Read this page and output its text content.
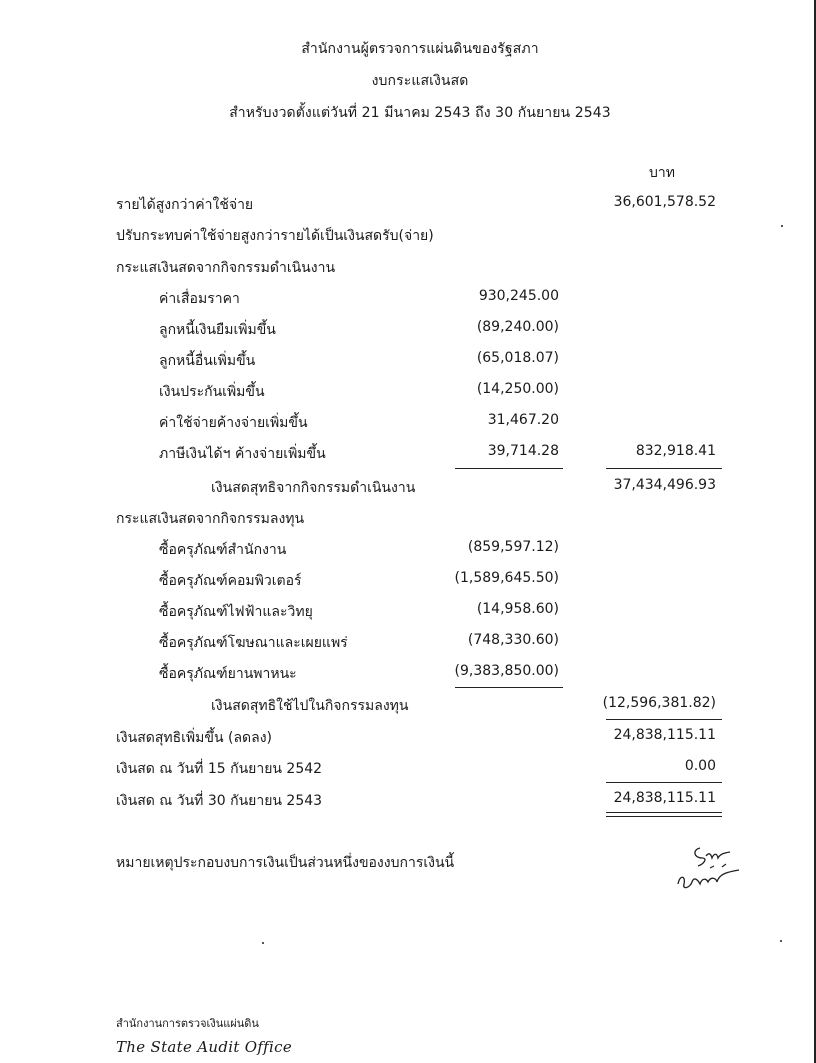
สำนักงานผู้ตรวจการแผ่นดินของรัฐสภา
งบกระแสเงินสด
สำหรับงวดตั้งแต่วันที่ 21 มีนาคม 2543 ถึง 30 กันยายน 2543
บาท
รายได้สูงกว่าค่าใช้จ่าย	36,601,578.52
ปรับกระทบค่าใช้จ่ายสูงกว่ารายได้เป็นเงินสดรับ(จ่าย)
กระแสเงินสดจากกิจกรรมดำเนินงาน
ค่าเสื่อมราคา	930,245.00
ลูกหนี้เงินยืมเพิ่มขึ้น	(89,240.00)
ลูกหนี้อื่นเพิ่มขึ้น	(65,018.07)
เงินประกันเพิ่มขึ้น	(14,250.00)
ค่าใช้จ่ายค้างจ่ายเพิ่มขึ้น	31,467.20
ภาษีเงินได้ฯ ค้างจ่ายเพิ่มขึ้น	39,714.28	832,918.41
เงินสดสุทธิจากกิจกรรมดำเนินงาน	37,434,496.93
กระแสเงินสดจากกิจกรรมลงทุน
ซื้อครุภัณฑ์สำนักงาน	(859,597.12)
ซื้อครุภัณฑ์คอมพิวเตอร์	(1,589,645.50)
ซื้อครุภัณฑ์ไฟฟ้าและวิทยุ	(14,958.60)
ซื้อครุภัณฑ์โฆษณาและเผยแพร่	(748,330.60)
ซื้อครุภัณฑ์ยานพาหนะ	(9,383,850.00)
เงินสดสุทธิใช้ไปในกิจกรรมลงทุน	(12,596,381.82)
เงินสดสุทธิเพิ่มขึ้น (ลดลง)	24,838,115.11
เงินสด ณ วันที่ 15 กันยายน 2542	0.00
เงินสด ณ วันที่ 30 กันยายน 2543	24,838,115.11
หมายเหตุประกอบงบการเงินเป็นส่วนหนึ่งของงบการเงินนี้
สำนักงานการตรวจเงินแผ่นดิน
The State Audit Office
